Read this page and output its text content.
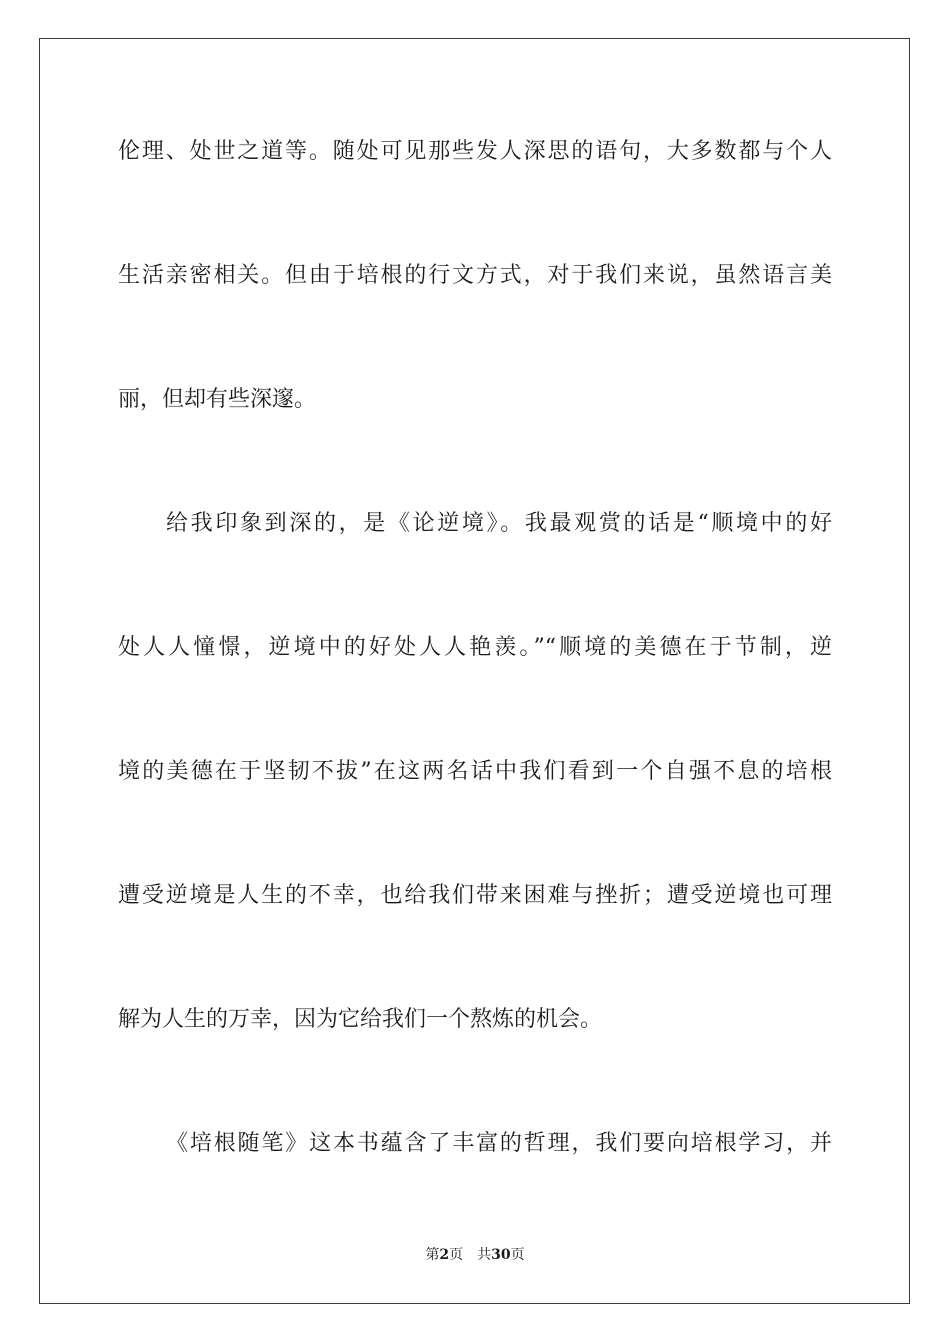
伦理、处世之道等。随处可见那些发人深思的语句，大多数都与个人
生活亲密相关。但由于培根的行文方式，对于我们来说，虽然语言美
丽，但却有些深邃。
给我印象到深的，是《论逆境》。我最观赏的话是“顺境中的好
处人人憧憬，逆境中的好处人人艳羡。”“顺境的美德在于节制，逆
境的美德在于坚韧不拔”在这两名话中我们看到一个自强不息的培根
遭受逆境是人生的不幸，也给我们带来困难与挫折；遭受逆境也可理
解为人生的万幸，因为它给我们一个熬炼的机会。
《培根随笔》这本书蕴含了丰富的哲理，我们要向培根学习，并
第2页 共30页
